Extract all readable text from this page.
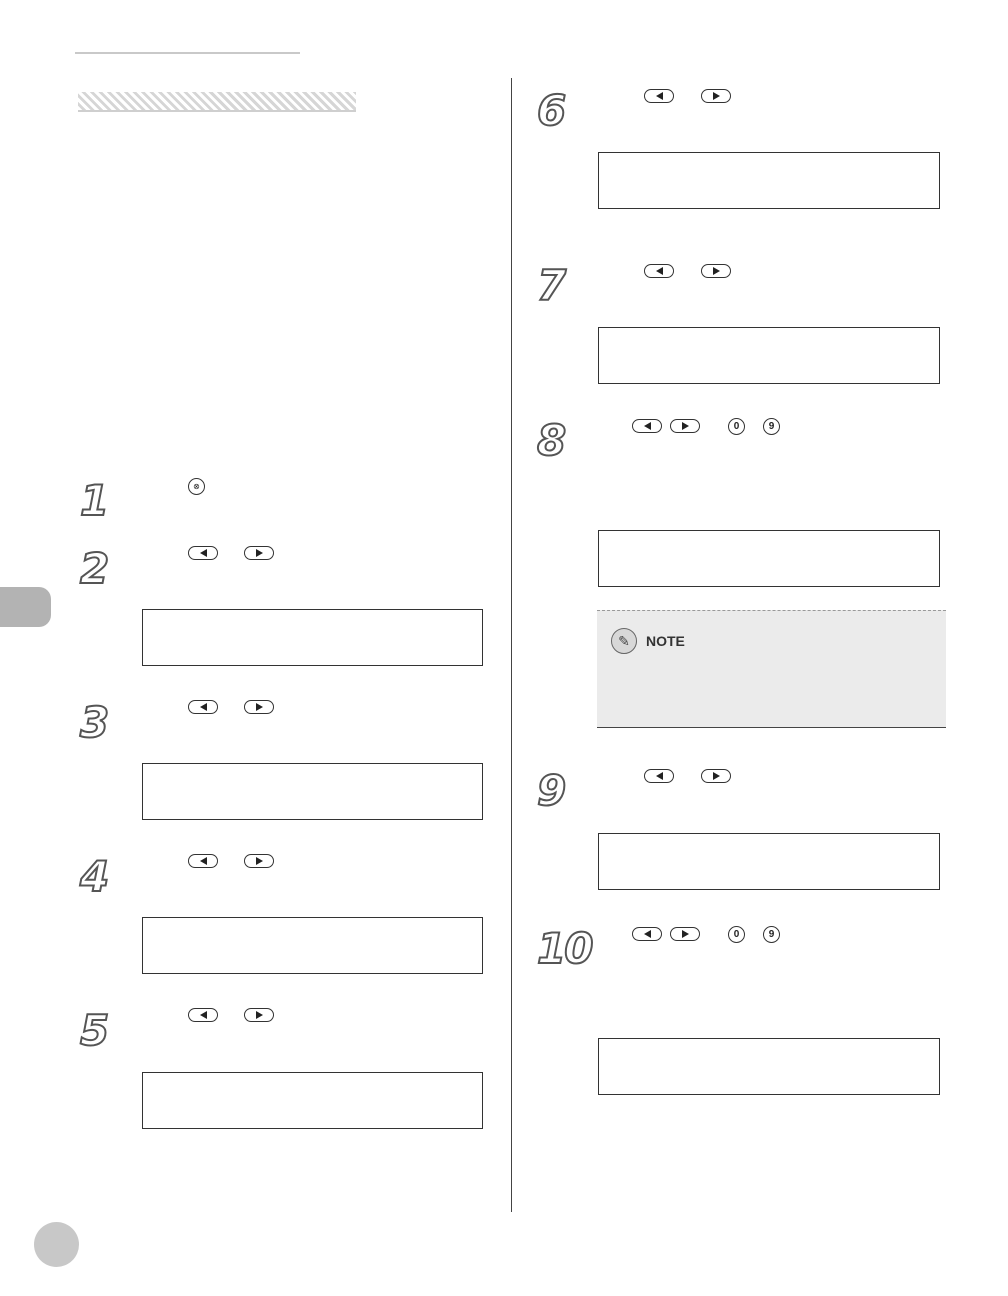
1	⊗
2
3
4
5
6
7
8	0	9
✎	NOTE
9
10	0	9
